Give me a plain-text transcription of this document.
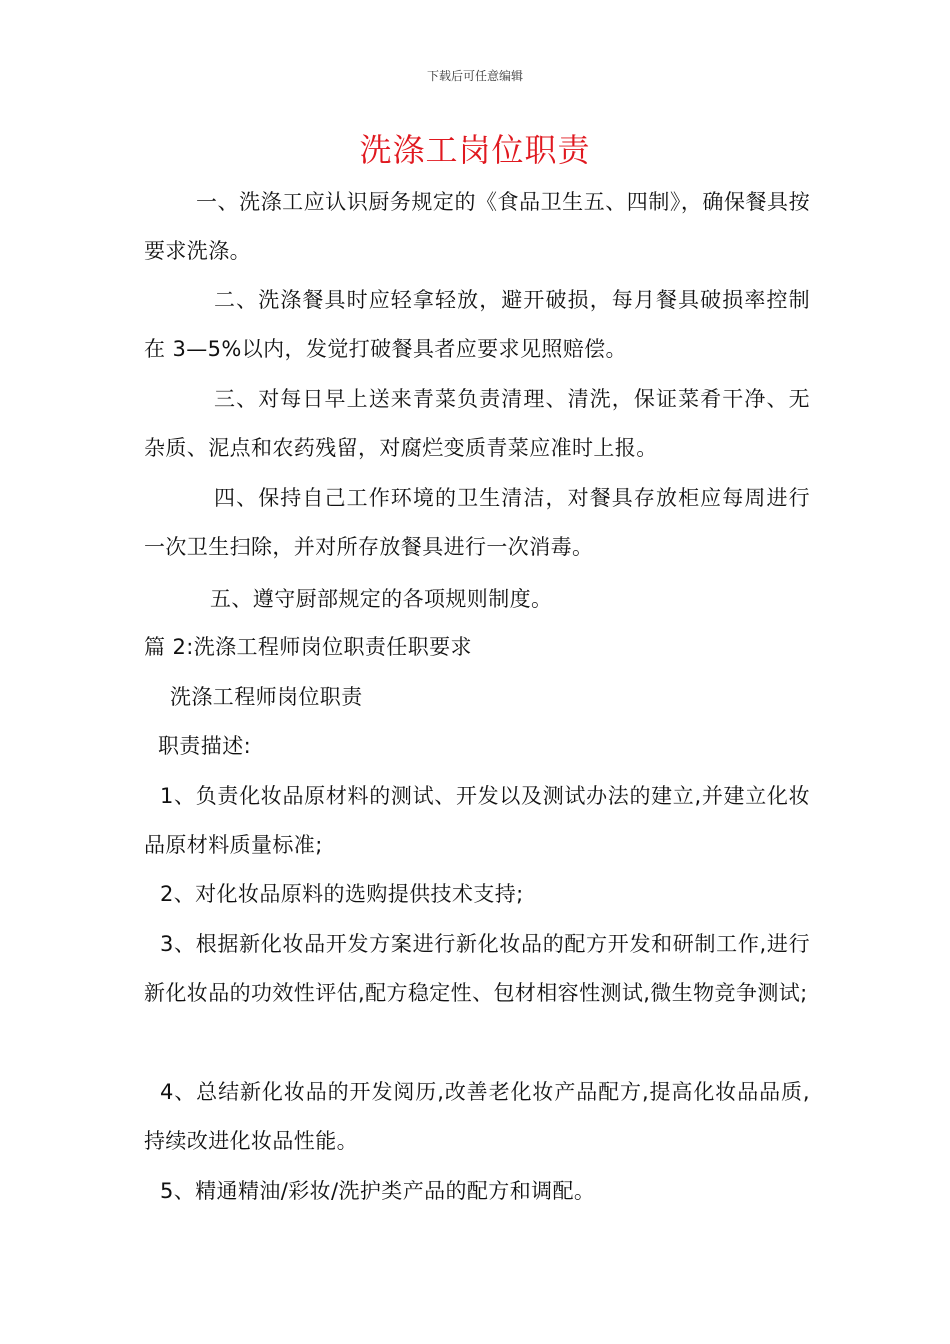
下载后可任意编辑
洗涤工岗位职责
一、洗涤工应认识厨务规定的《食品卫生五、四制》，确保餐具按要求洗涤。
二、洗涤餐具时应轻拿轻放，避开破损，每月餐具破损率控制在 3—5%以内，发觉打破餐具者应要求见照赔偿。
三、对每日早上送来青菜负责清理、清洗，保证菜肴干净、无杂质、泥点和农药残留，对腐烂变质青菜应准时上报。
四、保持自己工作环境的卫生清洁，对餐具存放柜应每周进行一次卫生扫除，并对所存放餐具进行一次消毒。
五、遵守厨部规定的各项规则制度。
篇 2:洗涤工程师岗位职责任职要求
洗涤工程师岗位职责
职责描述:
1、负责化妆品原材料的测试、开发以及测试办法的建立,并建立化妆品原材料质量标准;
2、对化妆品原料的选购提供技术支持;
3、根据新化妆品开发方案进行新化妆品的配方开发和研制工作,进行新化妆品的功效性评估,配方稳定性、包材相容性测试,微生物竞争测试;
4、总结新化妆品的开发阅历,改善老化妆产品配方,提高化妆品品质,持续改进化妆品性能。
5、精通精油/彩妆/洗护类产品的配方和调配。
